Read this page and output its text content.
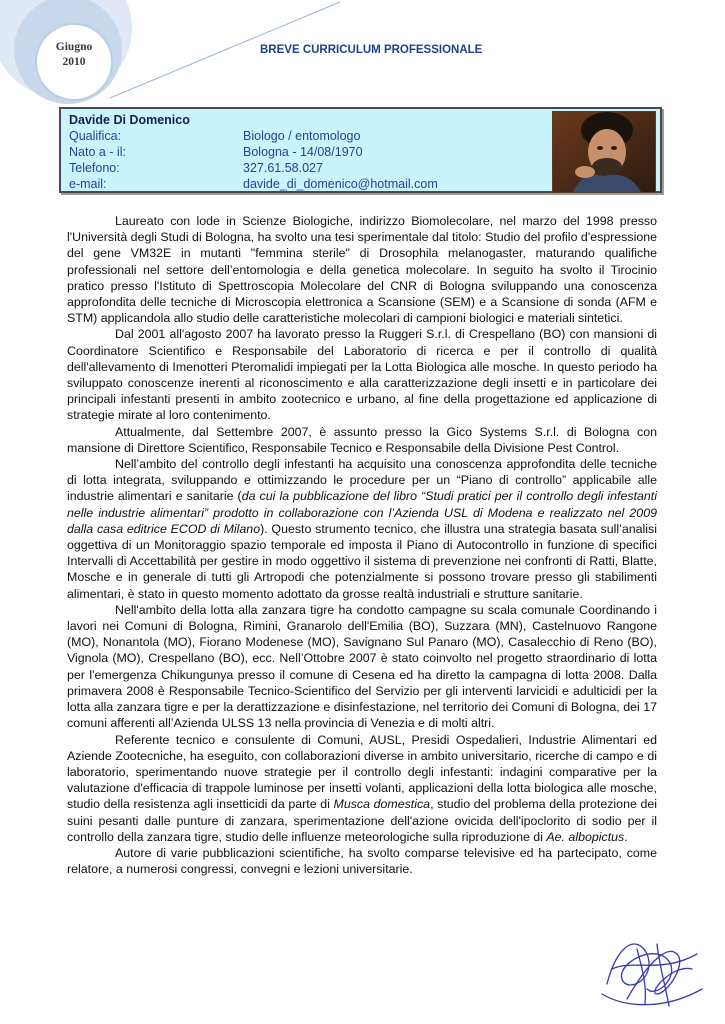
Giugno
2010
BREVE CURRICULUM PROFESSIONALE
Davide Di Domenico
Qualifica:	Biologo / entomologo
Nato a - il:	Bologna - 14/08/1970
Telefono:	327.61.58.027
e-mail:	davide_di_domenico@hotmail.com

Laureato con lode in Scienze Biologiche, indirizzo Biomolecolare, nel marzo del 1998 presso l'Università degli Studi di Bologna, ha svolto una tesi sperimentale dal titolo: Studio del profilo d'espressione del gene VM32E in mutanti "femmina sterile" di Drosophila melanogaster, maturando qualifiche professionali nel settore dell’entomologia e della genetica molecolare. In seguito ha svolto il Tirocinio pratico presso l'Istituto di Spettroscopia Molecolare del CNR di Bologna sviluppando una conoscenza approfondita delle tecniche di Microscopia elettronica a Scansione (SEM) e a Scansione di sonda (AFM e STM) applicandola allo studio delle caratteristiche molecolari di campioni biologici e materiali sintetici.

Dal 2001 all'agosto 2007 ha lavorato presso la Ruggeri S.r.l. di Crespellano (BO) con mansioni di Coordinatore Scientifico e Responsabile del Laboratorio di ricerca e per il controllo di qualità dell'allevamento di Imenotteri Pteromalidi impiegati per la Lotta Biologica alle mosche. In questo periodo ha sviluppato conoscenze inerenti al riconoscimento e alla caratterizzazione degli insetti e in particolare dei principali infestanti presenti in ambito zootecnico e urbano, al fine della progettazione ed applicazione di strategie mirate al loro contenimento.

Attualmente, dal Settembre 2007, è assunto presso la Gico Systems S.r.l. di Bologna con mansione di Direttore Scientifico, Responsabile Tecnico e Responsabile della Divisione Pest Control.

Nell’ambito del controllo degli infestanti ha acquisito una conoscenza approfondita delle tecniche di lotta integrata, sviluppando e ottimizzando le procedure per un “Piano di controllo” applicabile alle industrie alimentari e sanitarie (da cui la pubblicazione del libro “Studi pratici per il controllo degli infestanti nelle industrie alimentari” prodotto in collaborazione con l’Azienda USL di Modena e realizzato nel 2009 dalla casa editrice ECOD di Milano). Questo strumento tecnico, che illustra una strategia basata sull’analisi oggettiva di un Monitoraggio spazio temporale ed imposta il Piano di Autocontrollo in funzione di specifici Intervalli di Accettabilità per gestire in modo oggettivo il sistema di prevenzione nei confronti di Ratti, Blatte, Mosche e in generale di tutti gli Artropodi che potenzialmente si possono trovare presso gli stabilimenti alimentari, è stato in questo momento adottato da grosse realtà industriali e strutture sanitarie.

Nell'ambito della lotta alla zanzara tigre ha condotto campagne su scala comunale Coordinando i lavori nei Comuni di Bologna, Rimini, Granarolo dell'Emilia (BO), Suzzara (MN), Castelnuovo Rangone (MO), Nonantola (MO), Fiorano Modenese (MO), Savignano Sul Panaro (MO), Casalecchio di Reno (BO), Vignola (MO), Crespellano (BO), ecc. Nell’Ottobre 2007 è stato coinvolto nel progetto straordinario di lotta per l'emergenza Chikungunya presso il comune di Cesena ed ha diretto la campagna di lotta 2008. Dalla primavera 2008 è Responsabile Tecnico-Scientifico del Servizio per gli interventi larvicidi e adulticidi per la lotta alla zanzara tigre e per la derattizzazione e disinfestazione, nel territorio dei Comuni di Bologna, dei 17 comuni afferenti all’Azienda ULSS 13 nella provincia di Venezia e di molti altri.

Referente tecnico e consulente di Comuni, AUSL, Presidi Ospedalieri, Industrie Alimentari ed Aziende Zootecniche, ha eseguito, con collaborazioni diverse in ambito universitario, ricerche di campo e di laboratorio, sperimentando nuove strategie per il controllo degli infestanti: indagini comparative per la valutazione d'efficacia di trappole luminose per insetti volanti, applicazioni della lotta biologica alle mosche, studio della resistenza agli insetticidi da parte di Musca domestica, studio del problema della protezione dei suini pesanti dalle punture di zanzara, sperimentazione dell'azione ovicida dell'ipoclorito di sodio per il controllo della zanzara tigre, studio delle influenze meteorologiche sulla riproduzione di Ae. albopictus.

Autore di varie pubblicazioni scientifiche, ha svolto comparse televisive ed ha partecipato, come relatore, a numerosi congressi, convegni e lezioni universitarie.
